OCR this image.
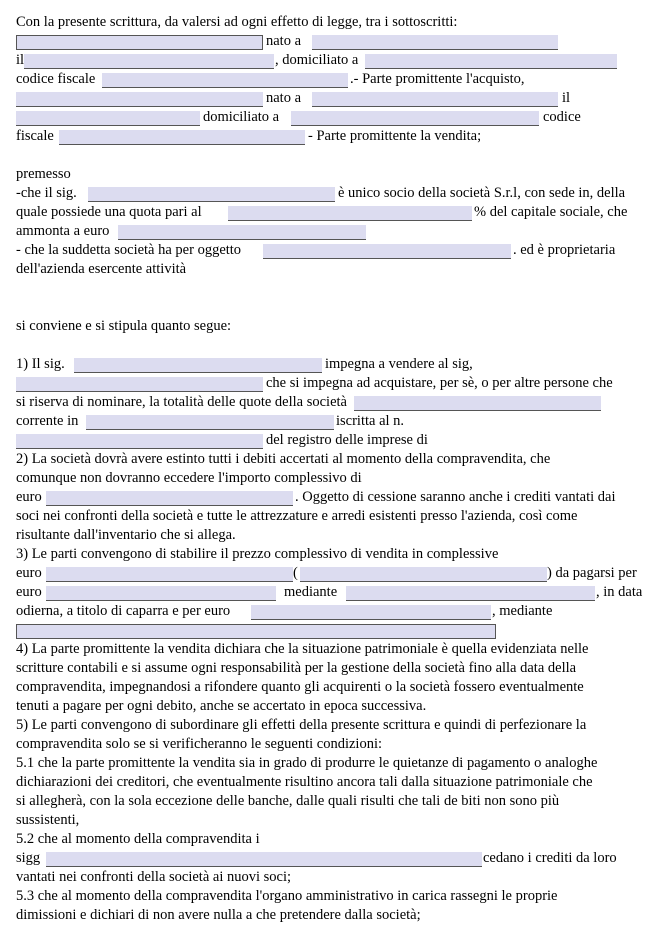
Con la presente scrittura, da valersi ad ogni effetto di legge, tra i sottoscritti:
nato a
il	, domiciliato a
codice fiscale	.- Parte promittente l'acquisto,
nato a	il
domiciliato a	codice
fiscale	- Parte promittente la vendita;
premesso
-che il sig.	è unico socio della società S.r.l, con sede in, della
quale possiede una quota pari al	% del capitale sociale, che
ammonta a euro
- che la suddetta società ha per oggetto	. ed è proprietaria
dell'azienda esercente attività
si conviene e si stipula quanto segue:
1) Il sig.	impegna a vendere al sig,
che si impegna ad acquistare, per sè, o per altre persone che
si riserva di nominare, la totalità delle quote della società
corrente in	iscritta al n.
del registro delle imprese di
2) La società dovrà avere estinto tutti i debiti accertati al momento della compravendita, che
comunque non dovranno eccedere l'importo complessivo di
euro	. Oggetto di cessione saranno anche i crediti vantati dai
soci nei confronti della società e tutte le attrezzature e arredi esistenti presso l'azienda, così come
risultante dall'inventario che si allega.
3) Le parti convengono di stabilire il prezzo complessivo di vendita in complessive
euro	(	) da pagarsi per
euro	mediante	, in data
odierna, a titolo di caparra e per euro	, mediante
4) La parte promittente la vendita dichiara che la situazione patrimoniale è quella evidenziata nelle
scritture contabili e si assume ogni responsabilità per la gestione della società fino alla data della
compravendita, impegnandosi a rifondere quanto gli acquirenti o la società fossero eventualmente
tenuti a pagare per ogni debito, anche se accertato in epoca successiva.
5) Le parti convengono di subordinare gli effetti della presente scrittura e quindi di perfezionare la
compravendita solo se si verificheranno le seguenti condizioni:
5.1 che la parte promittente la vendita sia in grado di produrre le quietanze di pagamento o analoghe
dichiarazioni dei creditori, che eventualmente risultino ancora tali dalla situazione patrimoniale che
si allegherà, con la sola eccezione delle banche, dalle quali risulti che tali de biti non sono più
sussistenti,
5.2 che al momento della compravendita i
sigg	cedano i crediti da loro
vantati nei confronti della società ai nuovi soci;
5.3 che al momento della compravendita l'organo amministrativo in carica rassegni le proprie
dimissioni e dichiari di non avere nulla a che pretendere dalla società;
